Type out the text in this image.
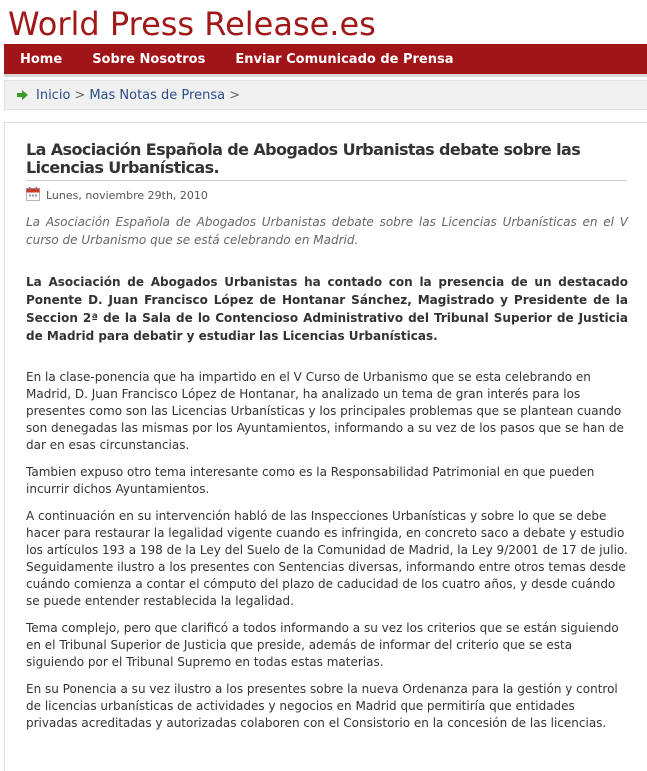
World Press Release.es
Home Sobre Nosotros Enviar Comunicado de Prensa
Inicio > Mas Notas de Prensa >
La Asociación Española de Abogados Urbanistas debate sobre las Licencias Urbanísticas.
Lunes, noviembre 29th, 2010
La Asociación Española de Abogados Urbanistas debate sobre las Licencias Urbanísticas en el V curso de Urbanismo que se está celebrando en Madrid.
La Asociación de Abogados Urbanistas ha contado con la presencia de un destacado Ponente D. Juan Francisco López de Hontanar Sánchez, Magistrado y Presidente de la Seccion 2ª de la Sala de lo Contencioso Administrativo del Tribunal Superior de Justicia de Madrid para debatir y estudiar las Licencias Urbanísticas.

En la clase-ponencia que ha impartido en el V Curso de Urbanismo que se esta celebrando en Madrid, D. Juan Francisco López de Hontanar, ha analizado un tema de gran interés para los presentes como son las Licencias Urbanísticas y los principales problemas que se plantean cuando son denegadas las mismas por los Ayuntamientos, informando a su vez de los pasos que se han de dar en esas circunstancias.

Tambien expuso otro tema interesante como es la Responsabilidad Patrimonial en que pueden incurrir dichos Ayuntamientos.

A continuación en su intervención habló de las Inspecciones Urbanísticas y sobre lo que se debe hacer para restaurar la legalidad vigente cuando es infringida, en concreto saco a debate y estudio los artículos 193 a 198 de la Ley del Suelo de la Comunidad de Madrid, la Ley 9/2001 de 17 de julio.
Seguidamente ilustro a los presentes con Sentencias diversas, informando entre otros temas desde cuándo comienza a contar el cómputo del plazo de caducidad de los cuatro años, y desde cuándo se puede entender restablecida la legalidad.

Tema complejo, pero que clarificó a todos informando a su vez los criterios que se están siguiendo en el Tribunal Superior de Justicia que preside, además de informar del criterio que se esta siguiendo por el Tribunal Supremo en todas estas materias.

En su Ponencia a su vez ilustro a los presentes sobre la nueva Ordenanza para la gestión y control de licencias urbanísticas de actividades y negocios en Madrid que permitiría que entidades privadas acreditadas y autorizadas colaboren con el Consistorio en la concesión de las licencias.
